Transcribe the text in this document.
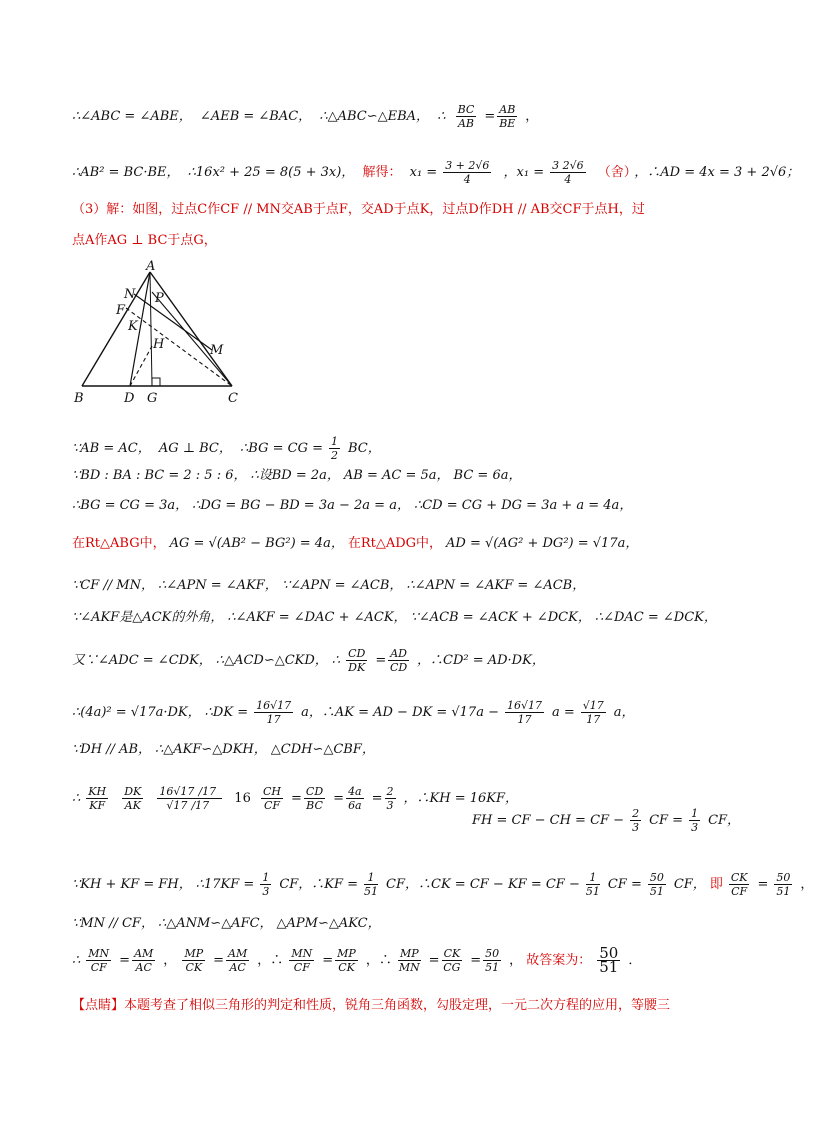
∴∠ABC = ∠ABE， ∠AEB = ∠BAC， ∴△ABC∽△EBA， ∴ $\frac{BC}{AB} = \frac{AB}{BE}$ ，
∴AB² = BC·BE， ∴16x² + 25 = 8(5 + 3x)， 解得： $x_1 = \frac{3 + 2√6}{4}$ ，$x_1 = \frac{3 2√6}{4}$ （舍） ，∴AD = 4x = 3 + 2√6；
（3）解：如图，过点C作CF // MN交AB于点F，交AD于点K，过点D作DH // AB交CF于点H，过
点A作AG ⊥ BC于点G，
A
N P
F
K
H	M
B	D G	C
∵AB = AC， AG ⊥ BC， ∴BG = CG = $\frac{1}{2}$ BC，
∵BD : BA : BC = 2 : 5 : 6， ∴设BD = 2a， AB = AC = 5a， BC = 6a，
∴BG = CG = 3a， ∴DG = BG − BD = 3a − 2a = a， ∴CD = CG + DG = 3a + a = 4a，
在Rt△ABG中， AG = √(AB² − BG²) = 4a， 在Rt△ADG中， AD = √(AG² + DG²) = √17a，
∵CF // MN， ∴∠APN = ∠AKF， ∵∠APN = ∠ACB， ∴∠APN = ∠AKF = ∠ACB，
∵∠AKF是△ACK的外角， ∴∠AKF = ∠DAC + ∠ACK， ∵∠ACB = ∠ACK + ∠DCK， ∴∠DAC = ∠DCK，
又∵∠ADC = ∠CDK， ∴△ACD∽△CKD， ∴ $\frac{CD}{DK} = \frac{AD}{CD}$ ，∴CD² = AD·DK，
∴(4a)² = √17a·DK， ∴DK = $\frac{16√17}{17}$ a，∴AK = AD − DK = $√17a - \frac{16√17}{17}$ $a = \frac{√17}{17}$ a，
∵DH // AB， ∴△AKF∽△DKH， △CDH∽△CBF，
∴ $\frac{KH}{KF}$
$\frac{DK}{AK}$
$\frac{16√17 /17}{√17 /17} 16 \frac{CH}{CF} = \frac{CD}{BC} = \frac{4a}{6a} = \frac{2}{3}$ ，∴KH = 16KF，
FH = CF − CH = CF − $\frac{2}{3}$ CF = $\frac{1}{3}$ CF，
∵KH + KF = FH， ∴17KF = $\frac{1}{3}$ CF，∴KF = $\frac{1}{51}$ CF，∴CK = CF − KF = CF − $\frac{1}{51}$ CF = $\frac{50}{51}$ CF， 即 $\frac{CK}{CF} = \frac{50}{51}$ ，
∵MN // CF， ∴△ANM∽△AFC， △APM∽△AKC，
∴ $\frac{MN}{CF} = \frac{AM}{AC}$ ， $\frac{MP}{CK} = \frac{AM}{AC}$ ，∴ $\frac{MN}{CF} = \frac{MP}{CK}$ ，∴ $\frac{MP}{MN} = \frac{CK}{CG} = \frac{50}{51}$ ， 故答案为： $\frac{50}{51}$ ．
【点睛】本题考查了相似三角形的判定和性质，锐角三角函数，勾股定理，一元二次方程的应用，等腰三
